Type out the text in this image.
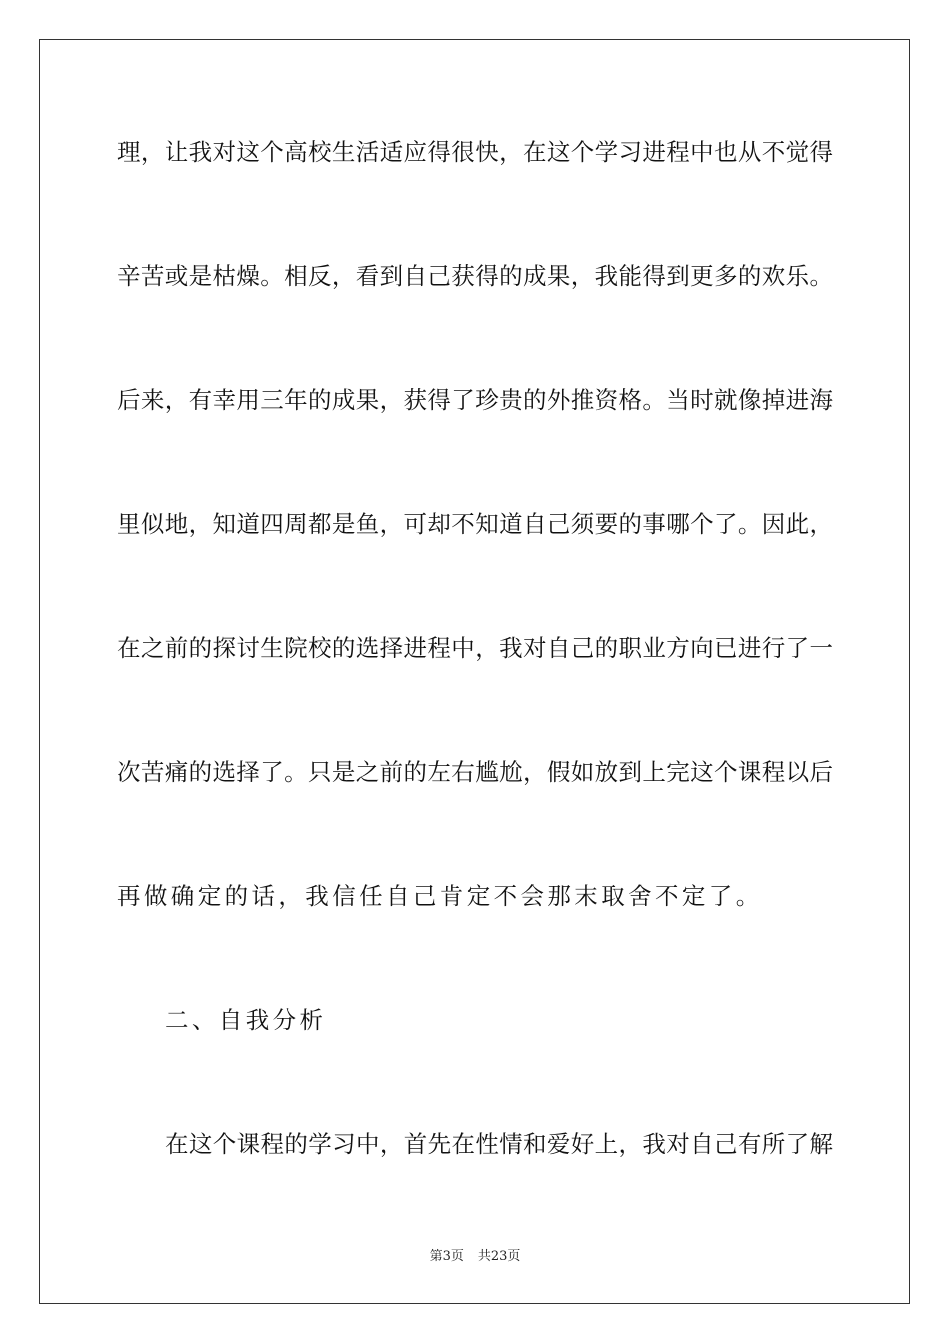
理，让我对这个高校生活适应得很快，在这个学习进程中也从不觉得
辛苦或是枯燥。相反，看到自己获得的成果，我能得到更多的欢乐。
后来，有幸用三年的成果，获得了珍贵的外推资格。当时就像掉进海
里似地，知道四周都是鱼，可却不知道自己须要的事哪个了。因此，
在之前的探讨生院校的选择进程中，我对自己的职业方向已进行了一
次苦痛的选择了。只是之前的左右尴尬，假如放到上完这个课程以后
再做确定的话，我信任自己肯定不会那末取舍不定了。
二、自我分析
在这个课程的学习中，首先在性情和爱好上，我对自己有所了解
第3页 共23页
